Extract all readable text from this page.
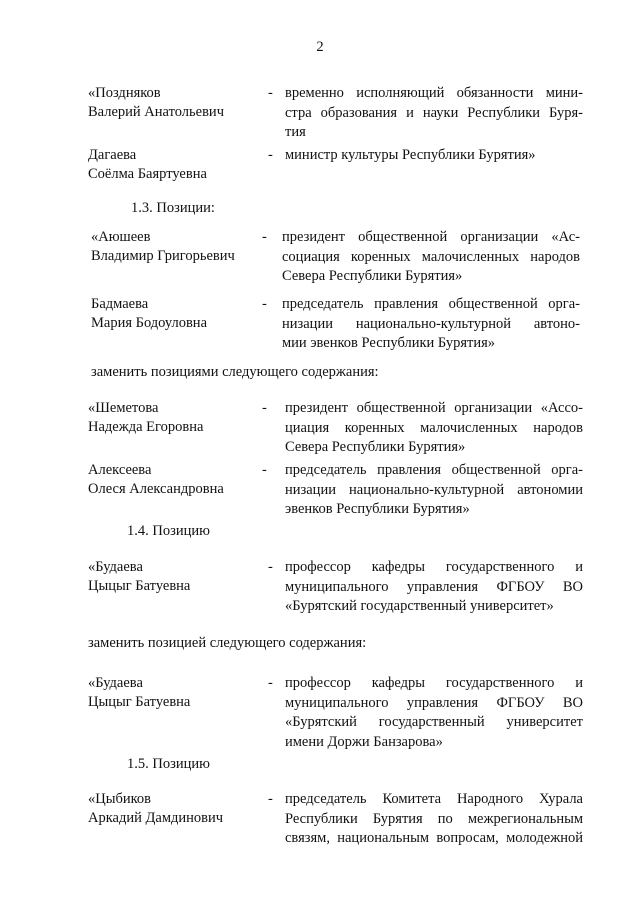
2
«Поздняков
Валерий Анатольевич
- временно исполняющий обязанности мини-
стра образования и науки Республики Буря-
тия
Дагаева
Соёлма Баяртуевна
- министр культуры Республики Бурятия»
1.3. Позиции:
«Аюшеев
Владимир Григорьевич
- президент общественной организации «Ас-
социация коренных малочисленных народов
Севера Республики Бурятия»
Бадмаева
Мария Бодоуловна
- председатель правления общественной орга-
низации национально-культурной автоно-
мии эвенков Республики Бурятия»
заменить позициями следующего содержания:
«Шеметова
Надежда Егоровна
- президент общественной организации «Ассо-
циация коренных малочисленных народов
Севера Республики Бурятия»
Алексеева
Олеся Александровна
- председатель правления общественной орга-
низации национально-культурной автономии
эвенков Республики Бурятия»
1.4. Позицию
«Будаева
Цыцыг Батуевна
- профессор кафедры государственного и
муниципального управления ФГБОУ ВО
«Бурятский государственный университет»
заменить позицией следующего содержания:
«Будаева
Цыцыг Батуевна
- профессор кафедры государственного и
муниципального управления ФГБОУ ВО
«Бурятский государственный университет
имени Доржи Банзарова»
1.5. Позицию
«Цыбиков
Аркадий Дамдинович
- председатель Комитета Народного Хурала
Республики Бурятия по межрегиональным
связям, национальным вопросам, молодежной
